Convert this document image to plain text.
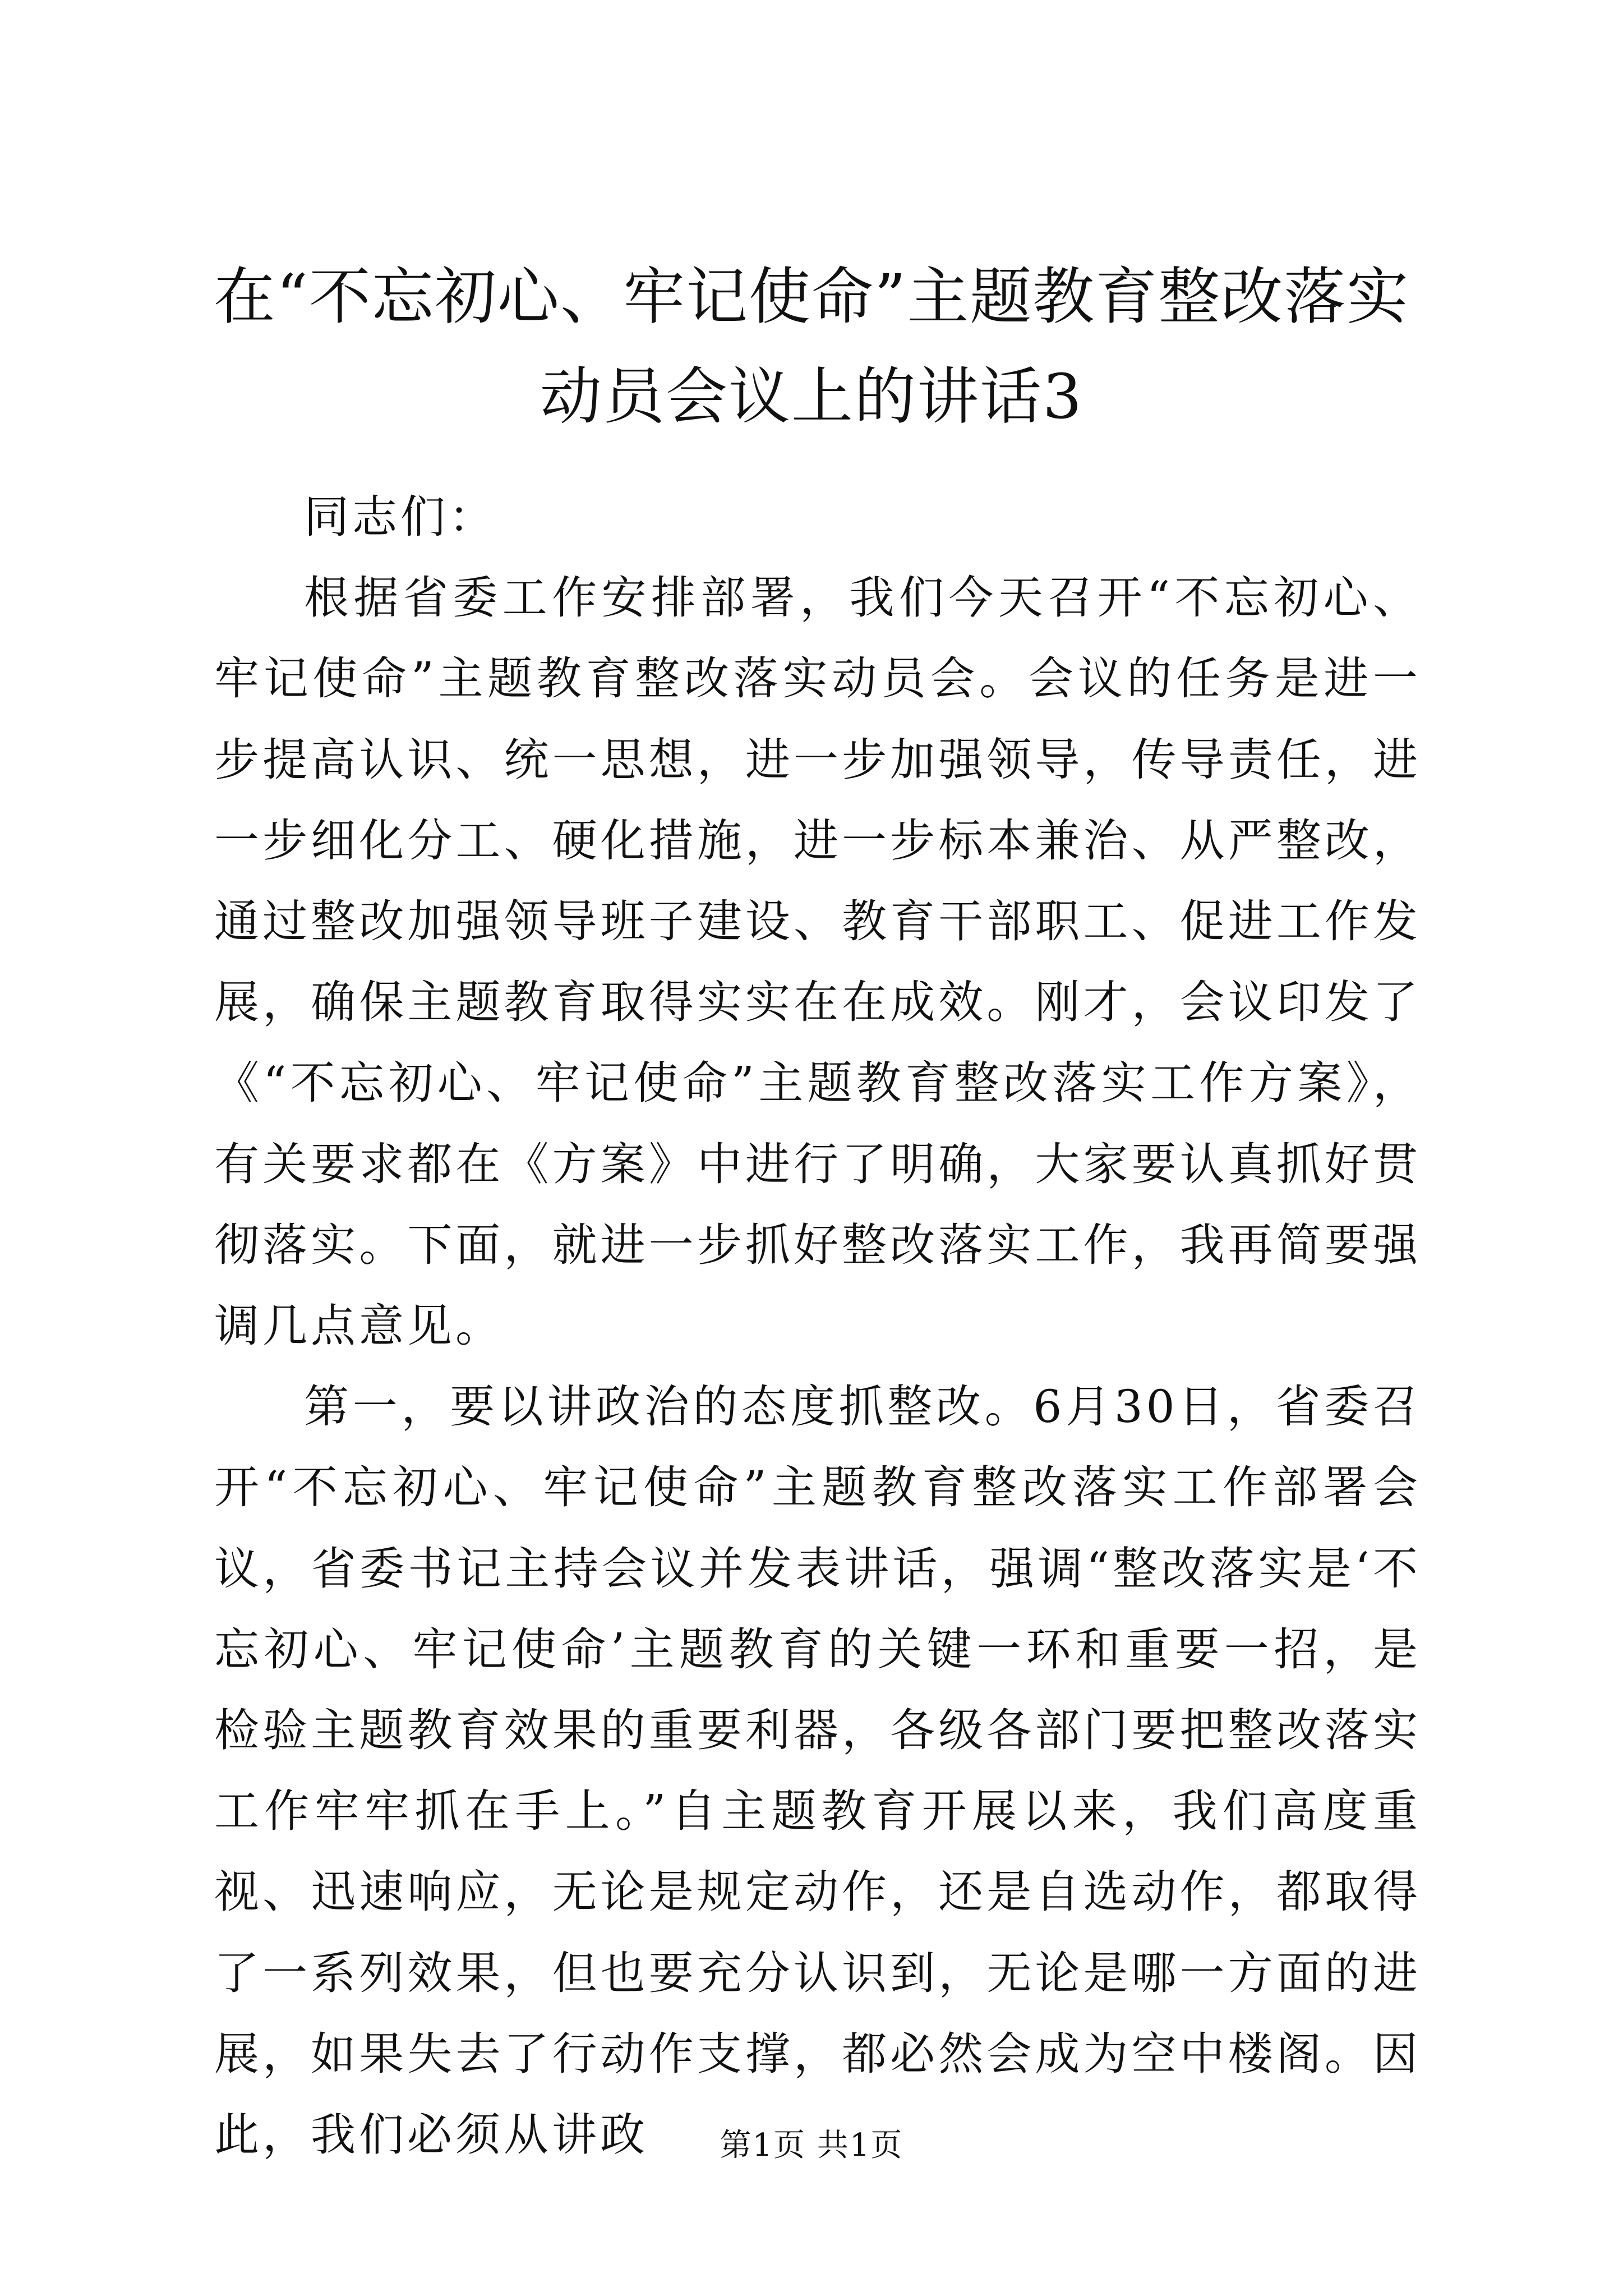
在“不忘初心、牢记使命”主题教育整改落实
动员会议上的讲话3

同志们：

根据省委工作安排部署，我们今天召开“不忘初心、牢记使命”主题教育整改落实动员会。会议的任务是进一步提高认识、统一思想，进一步加强领导，传导责任，进一步细化分工、硬化措施，进一步标本兼治、从严整改，通过整改加强领导班子建设、教育干部职工、促进工作发展，确保主题教育取得实实在在成效。刚才，会议印发了《“不忘初心、牢记使命”主题教育整改落实工作方案》，有关要求都在《方案》中进行了明确，大家要认真抓好贯彻落实。下面，就进一步抓好整改落实工作，我再简要强调几点意见。

第一，要以讲政治的态度抓整改。6月30日，省委召开“不忘初心、牢记使命”主题教育整改落实工作部署会议，省委书记主持会议并发表讲话，强调“整改落实是‘不忘初心、牢记使命’主题教育的关键一环和重要一招，是检验主题教育效果的重要利器，各级各部门要把整改落实工作牢牢抓在手上。”自主题教育开展以来，我们高度重视、迅速响应，无论是规定动作，还是自选动作，都取得了一系列效果，但也要充分认识到，无论是哪一方面的进展，如果失去了行动作支撑，都必然会成为空中楼阁。因此，我们必须从讲政	第1页 共1页
